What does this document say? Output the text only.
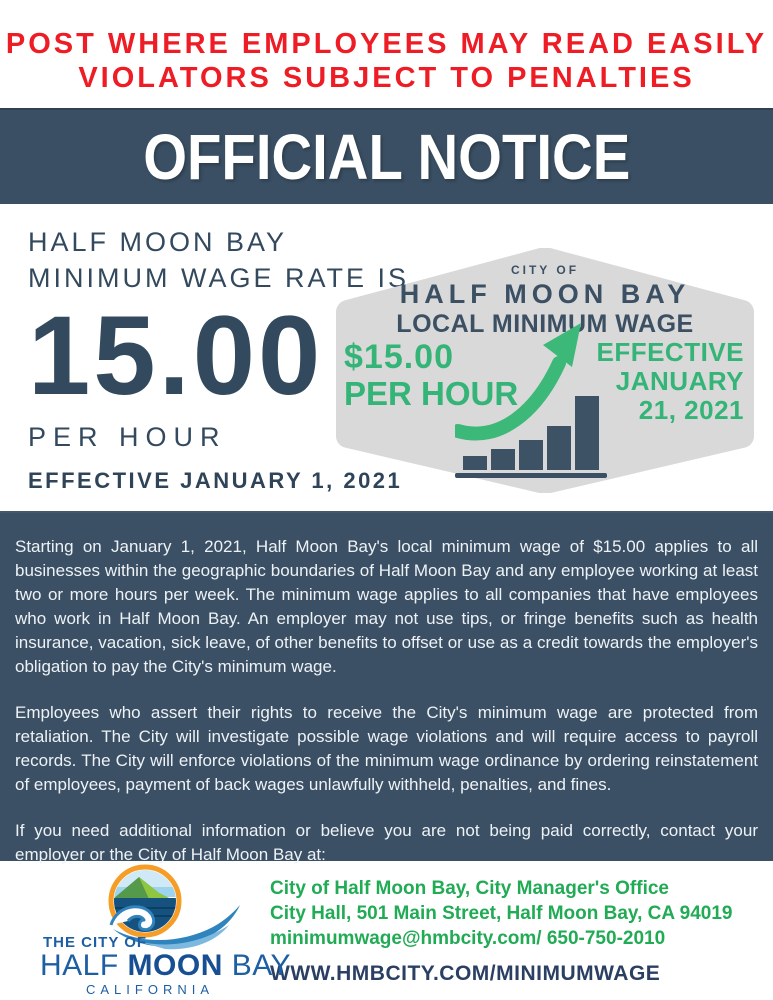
POST WHERE EMPLOYEES MAY READ EASILY
VIOLATORS SUBJECT TO PENALTIES
OFFICIAL NOTICE
HALF MOON BAY
MINIMUM WAGE RATE IS
15.00
PER HOUR
EFFECTIVE JANUARY 1, 2021
CITY OF
HALF MOON BAY
LOCAL MINIMUM WAGE
$15.00
PER HOUR
EFFECTIVE
JANUARY
21, 2021

Starting on January 1, 2021, Half Moon Bay's local minimum wage of $15.00 applies to all businesses within the geographic boundaries of Half Moon Bay and any employee working at least two or more hours per week. The minimum wage applies to all companies that have employees who work in Half Moon Bay. An employer may not use tips, or fringe benefits such as health insurance, vacation, sick leave, of other benefits to offset or use as a credit towards the employer's obligation to pay the City's minimum wage.

Employees who assert their rights to receive the City's minimum wage are protected from retaliation. The City will investigate possible wage violations and will require access to payroll records. The City will enforce violations of the minimum wage ordinance by ordering reinstatement of employees, payment of back wages unlawfully withheld, penalties, and fines.

If you need additional information or believe you are not being paid correctly, contact your employer or the City of Half Moon Bay at:

THE CITY OF
HALF MOON BAY
CALIFORNIA
City of Half Moon Bay, City Manager's Office
City Hall, 501 Main Street, Half Moon Bay, CA 94019
minimumwage@hmbcity.com/ 650-750-2010
WWW.HMBCITY.COM/MINIMUMWAGE
